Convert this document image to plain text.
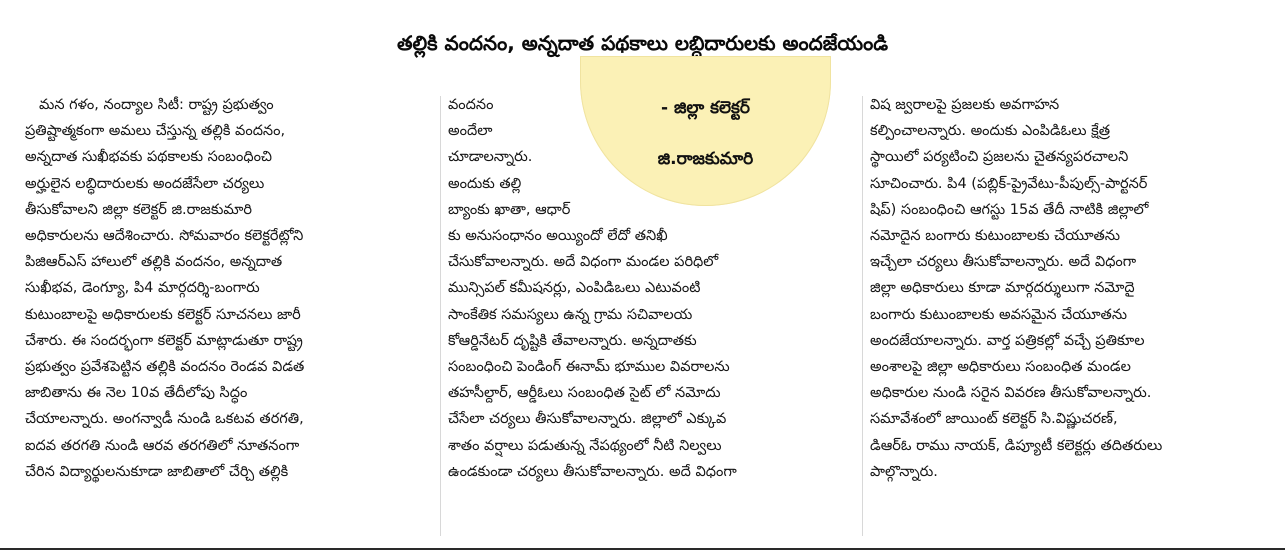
తల్లికి వందనం, అన్నదాత పథకాలు లబ్ధిదారులకు అందజేయండి
మన గళం, నంద్యాల సిటీ: రాష్ట్ర ప్రభుత్వం
ప్రతిష్టాత్మకంగా అమలు చేస్తున్న తల్లికి వందనం,
అన్నదాత సుఖీభవకు పథకాలకు సంబంధించి
అర్హులైన లబ్ధిదారులకు అందజేసేలా చర్యలు
తీసుకోవాలని జిల్లా కలెక్టర్ జి.రాజకుమారి
అధికారులను ఆదేశించారు. సోమవారం కలెక్టరేట్లోని
పిజిఆర్ఎస్ హాలులో తల్లికి వందనం, అన్నదాత
సుఖీభవ, డెంగ్యూ, పి4 మార్గదర్శి-బంగారు
కుటుంబాలపై అధికారులకు కలెక్టర్ సూచనలు జారీ
చేశారు. ఈ సందర్భంగా కలెక్టర్ మాట్లాడుతూ రాష్ట్ర
ప్రభుత్వం ప్రవేశపెట్టిన తల్లికి వందనం రెండవ విడత
జాబితాను ఈ నెల 10వ తేదీలోపు సిద్ధం
చేయాలన్నారు. అంగన్వాడీ నుండి ఒకటవ తరగతి,
ఐదవ తరగతి నుండి ఆరవ తరగతిలో నూతనంగా
చేరిన విద్యార్థులనుకూడా జాబితాలో చేర్చి తల్లికి
వందనం
అందేలా
చూడాలన్నారు.
అందుకు తల్లి
బ్యాంకు ఖాతా, ఆధార్
కు అనుసంధానం అయ్యిందో లేదో తనిఖీ
చేసుకోవాలన్నారు. అదే విధంగా మండల పరిధిలో
మున్సిపల్ కమీషనర్లు, ఎంపిడిఒలు ఎటువంటి
సాంకేతిక సమస్యలు ఉన్న గ్రామ సచివాలయ
కోఆర్డినేటర్ దృష్టికి తేవాలన్నారు. అన్నదాతకు
సంబంధించి పెండింగ్ ఈనామ్ భూముల వివరాలను
తహసీల్దార్, ఆర్డీఓలు సంబంధిత సైట్ లో నమోదు
చేసేలా చర్యలు తీసుకోవాలన్నారు. జిల్లాలో ఎక్కువ
శాతం వర్షాలు పడుతున్న నేపథ్యంలో నీటి నిల్వలు
ఉండకుండా చర్యలు తీసుకోవాలన్నారు. అదే విధంగా
విష జ్వరాలపై ప్రజలకు అవగాహన
కల్పించాలన్నారు. అందుకు ఎంపిడిఓలు క్షేత్ర
స్థాయిలో పర్యటించి ప్రజలను చైతన్యపరచాలని
సూచించారు. పి4 (పబ్లిక్-ప్రైవేటు-పీపుల్స్-పార్టనర్
షిప్) సంబంధించి ఆగస్టు 15వ తేదీ నాటికి జిల్లాలో
నమోదైన బంగారు కుటుంబాలకు చేయూతను
ఇచ్చేలా చర్యలు తీసుకోవాలన్నారు. అదే విధంగా
జిల్లా అధికారులు కూడా మార్గదర్శులుగా నమోదై
బంగారు కుటుంబాలకు అవసమైన చేయూతను
అందజేయాలన్నారు. వార్త పత్రికల్లో వచ్చే ప్రతికూల
అంశాలపై జిల్లా అధికారులు సంబంధిత మండల
అధికారుల నుండి సరైన వివరణ తీసుకోవాలన్నారు.
సమావేశంలో జాయింట్ కలెక్టర్ సి.విష్ణుచరణ్,
డిఆర్ఓ రాము నాయక్, డిప్యూటీ కలెక్టర్లు తదితరులు
పాల్గొన్నారు.
- జిల్లా కలెక్టర్
జి.రాజకుమారి
